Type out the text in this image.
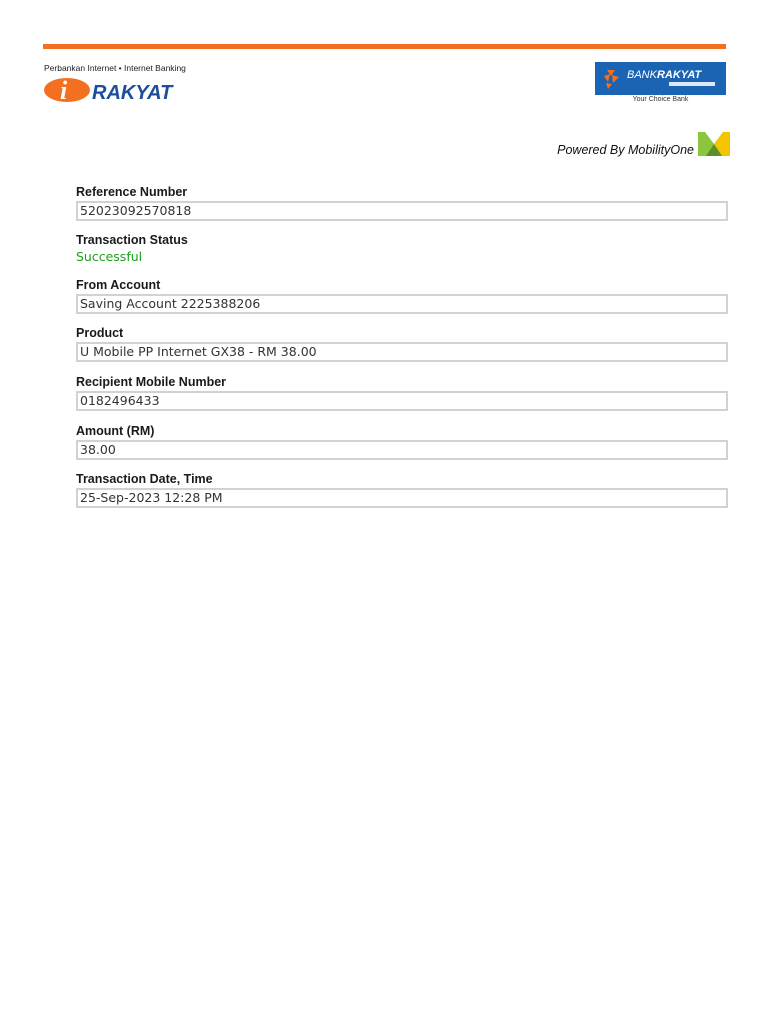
Perbankan Internet • Internet Banking
i RAKYAT
BANKRAKYAT
Your Choice Bank
Powered By MobilityOne
Reference Number
52023092570818
Transaction Status
Successful
From Account
Saving Account 2225388206
Product
U Mobile PP Internet GX38 - RM 38.00
Recipient Mobile Number
0182496433
Amount (RM)
38.00
Transaction Date, Time
25-Sep-2023 12:28 PM
